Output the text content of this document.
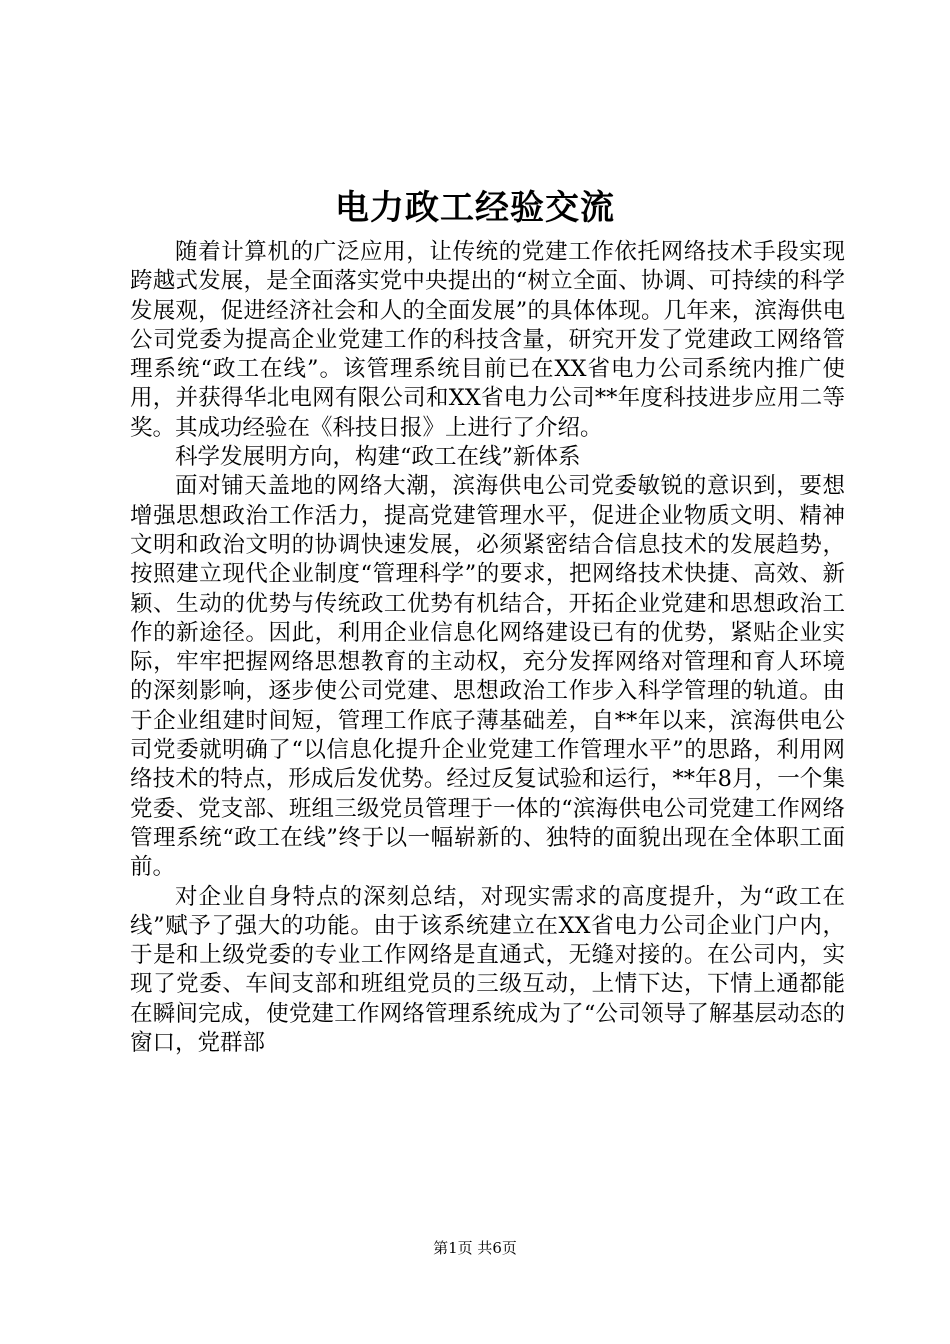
电力政工经验交流

随着计算机的广泛应用，让传统的党建工作依托网络技术手段实现跨越式发展，是全面落实党中央提出的“树立全面、协调、可持续的科学发展观，促进经济社会和人的全面发展”的具体体现。几年来，滨海供电公司党委为提高企业党建工作的科技含量，研究开发了党建政工网络管理系统“政工在线”。该管理系统目前已在XX省电力公司系统内推广使用，并获得华北电网有限公司和XX省电力公司**年度科技进步应用二等奖。其成功经验在《科技日报》上进行了介绍。

科学发展明方向，构建“政工在线”新体系

面对铺天盖地的网络大潮，滨海供电公司党委敏锐的意识到，要想增强思想政治工作活力，提高党建管理水平，促进企业物质文明、精神文明和政治文明的协调快速发展，必须紧密结合信息技术的发展趋势，按照建立现代企业制度“管理科学”的要求，把网络技术快捷、高效、新颖、生动的优势与传统政工优势有机结合，开拓企业党建和思想政治工作的新途径。因此，利用企业信息化网络建设已有的优势，紧贴企业实际，牢牢把握网络思想教育的主动权，充分发挥网络对管理和育人环境的深刻影响，逐步使公司党建、思想政治工作步入科学管理的轨道。由于企业组建时间短，管理工作底子薄基础差，自**年以来，滨海供电公司党委就明确了“以信息化提升企业党建工作管理水平”的思路，利用网络技术的特点，形成后发优势。经过反复试验和运行，**年8月，一个集党委、党支部、班组三级党员管理于一体的“滨海供电公司党建工作网络管理系统“政工在线”终于以一幅崭新的、独特的面貌出现在全体职工面前。

对企业自身特点的深刻总结，对现实需求的高度提升，为“政工在线”赋予了强大的功能。由于该系统建立在XX省电力公司企业门户内，于是和上级党委的专业工作网络是直通式，无缝对接的。在公司内，实现了党委、车间支部和班组党员的三级互动，上情下达，下情上通都能在瞬间完成，使党建工作网络管理系统成为了“公司领导了解基层动态的窗口，党群部

第1页 共6页
